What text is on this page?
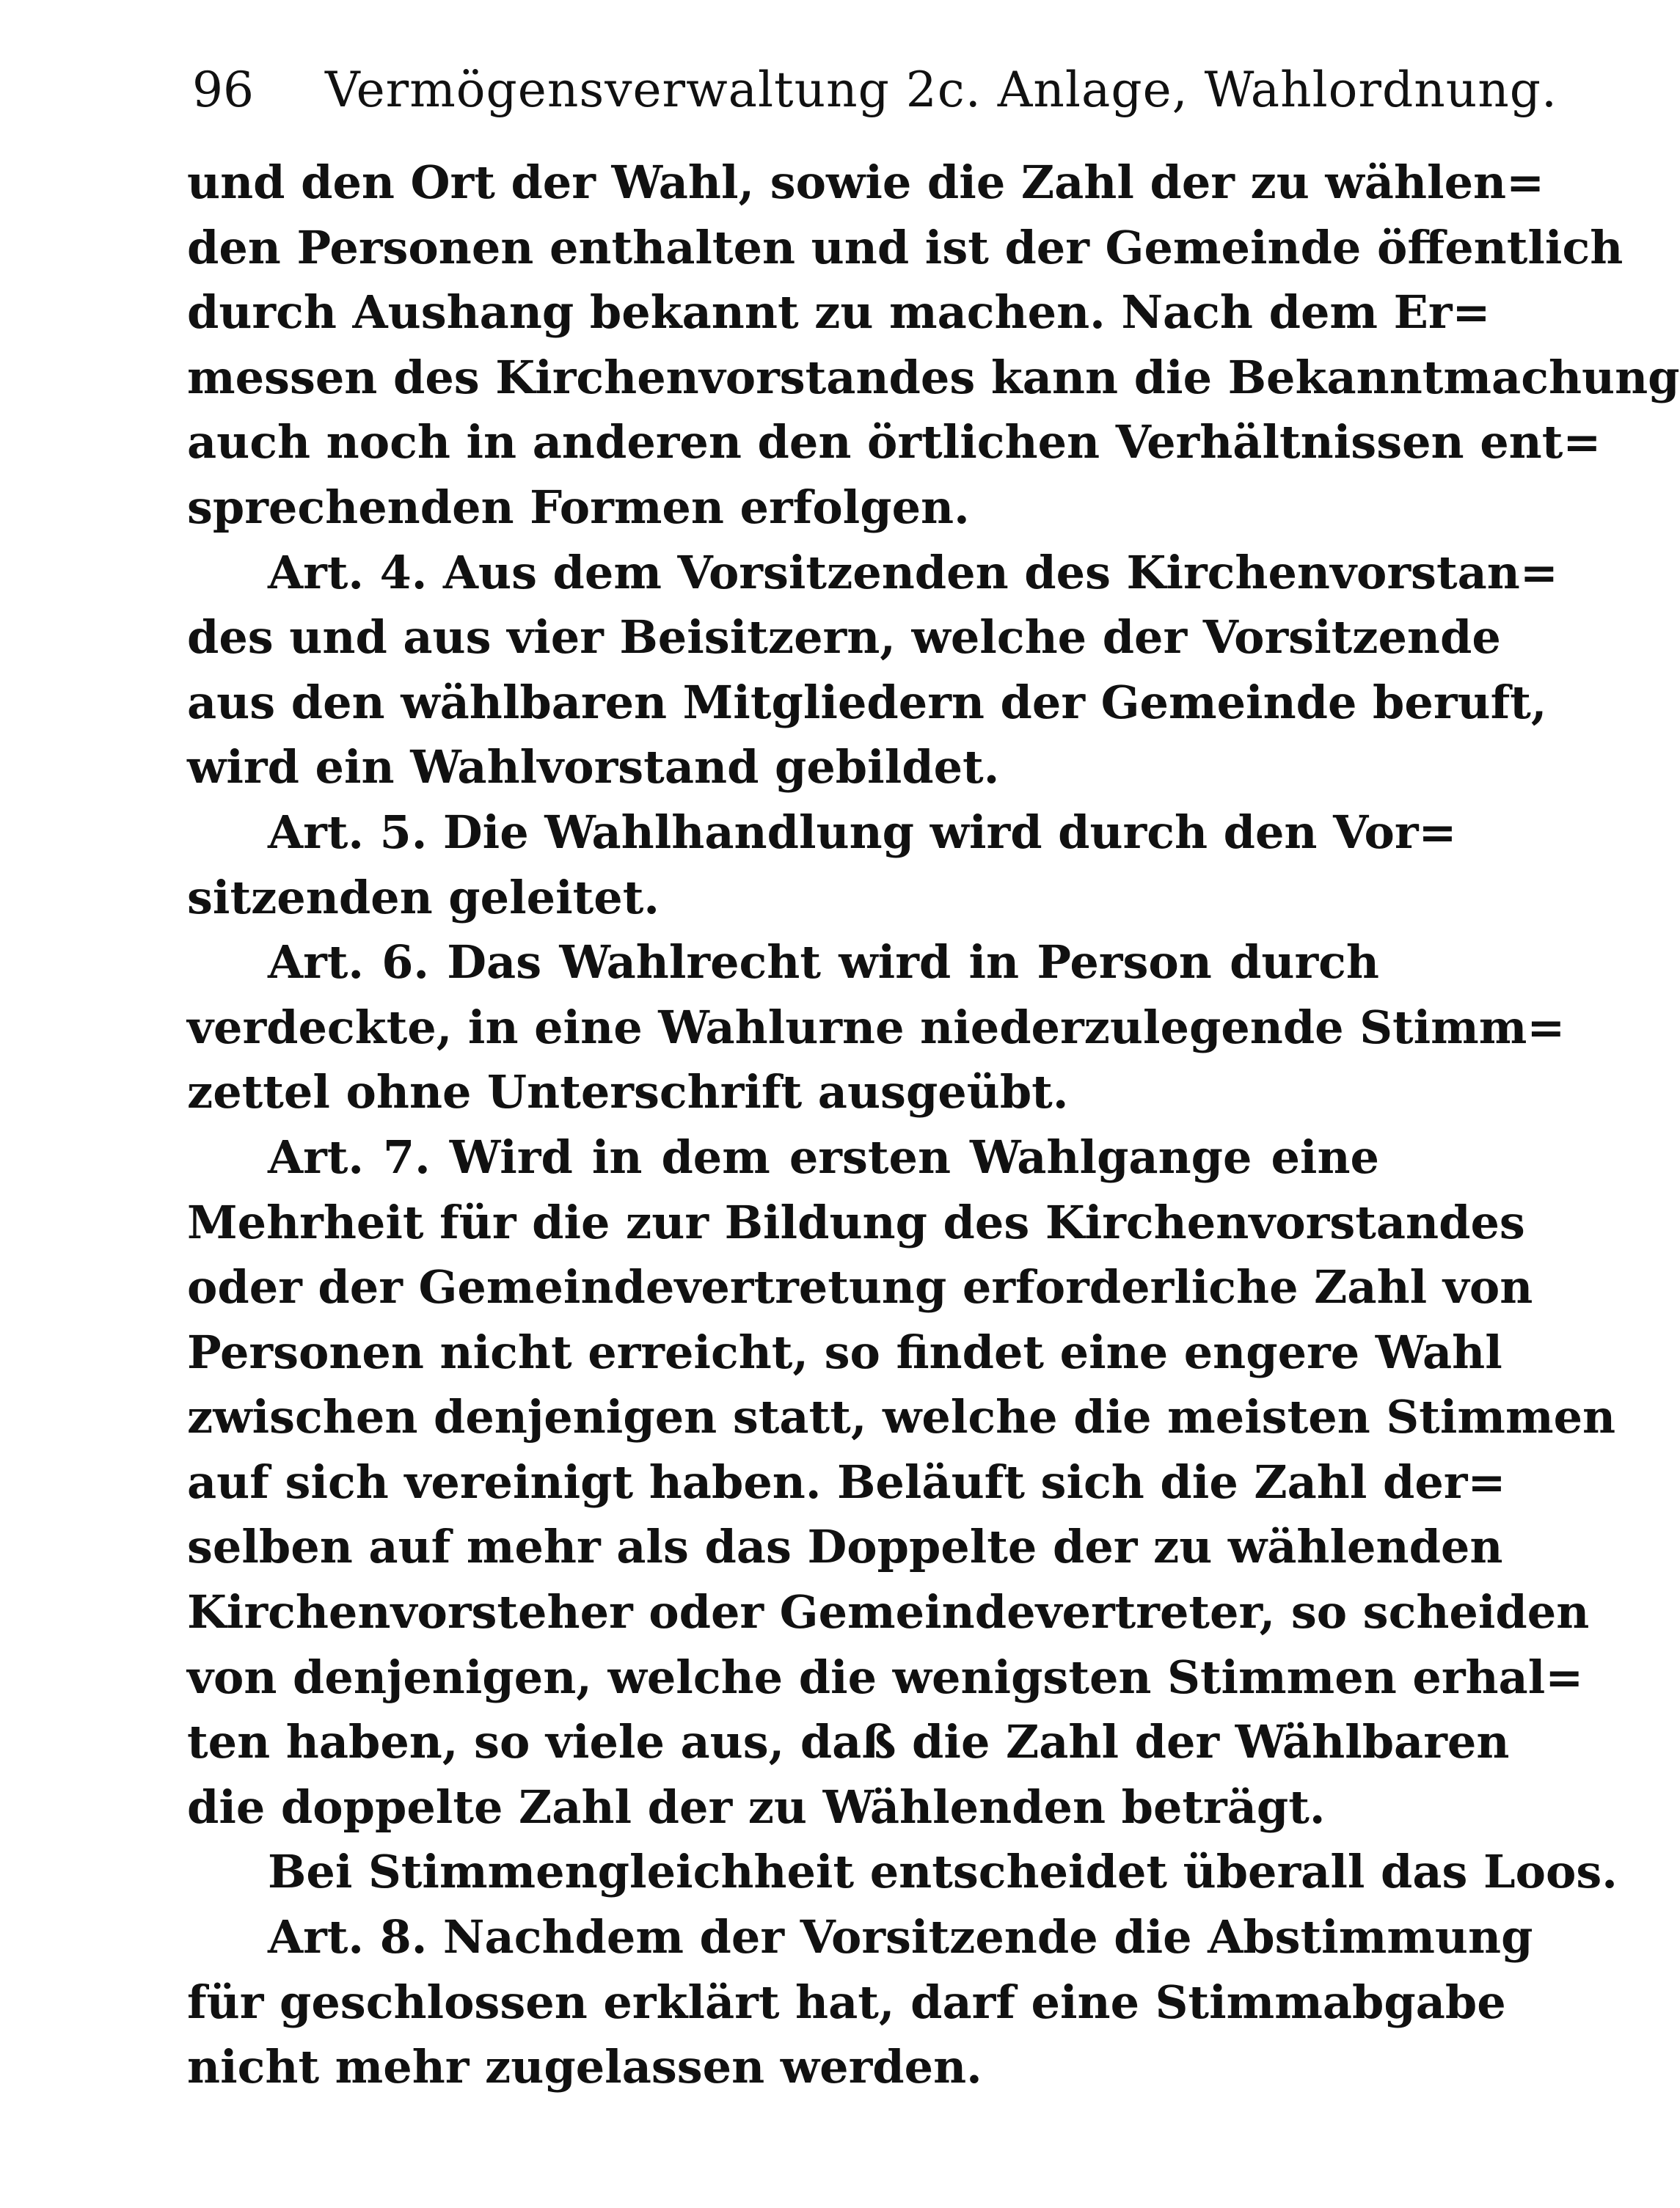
96 Vermögensverwaltung 2c. Anlage, Wahlordnung.
und den Ort der Wahl, sowie die Zahl der zu wählen=
den Personen enthalten und ist der Gemeinde öffentlich
durch Aushang bekannt zu machen. Nach dem Er=
messen des Kirchenvorstandes kann die Bekanntmachung
auch noch in anderen den örtlichen Verhältnissen ent=
sprechenden Formen erfolgen.
Art. 4. Aus dem Vorsitzenden des Kirchenvorstan=
des und aus vier Beisitzern, welche der Vorsitzende
aus den wählbaren Mitgliedern der Gemeinde beruft,
wird ein Wahlvorstand gebildet.
Art. 5. Die Wahlhandlung wird durch den Vor=
sitzenden geleitet.
Art. 6. Das Wahlrecht wird in Person durch
verdeckte, in eine Wahlurne niederzulegende Stimm=
zettel ohne Unterschrift ausgeübt.
Art. 7. Wird in dem ersten Wahlgange eine
Mehrheit für die zur Bildung des Kirchenvorstandes
oder der Gemeindevertretung erforderliche Zahl von
Personen nicht erreicht, so findet eine engere Wahl
zwischen denjenigen statt, welche die meisten Stimmen
auf sich vereinigt haben. Beläuft sich die Zahl der=
selben auf mehr als das Doppelte der zu wählenden
Kirchenvorsteher oder Gemeindevertreter, so scheiden
von denjenigen, welche die wenigsten Stimmen erhal=
ten haben, so viele aus, daß die Zahl der Wählbaren
die doppelte Zahl der zu Wählenden beträgt.
Bei Stimmengleichheit entscheidet überall das Loos.
Art. 8. Nachdem der Vorsitzende die Abstimmung
für geschlossen erklärt hat, darf eine Stimmabgabe
nicht mehr zugelassen werden.
